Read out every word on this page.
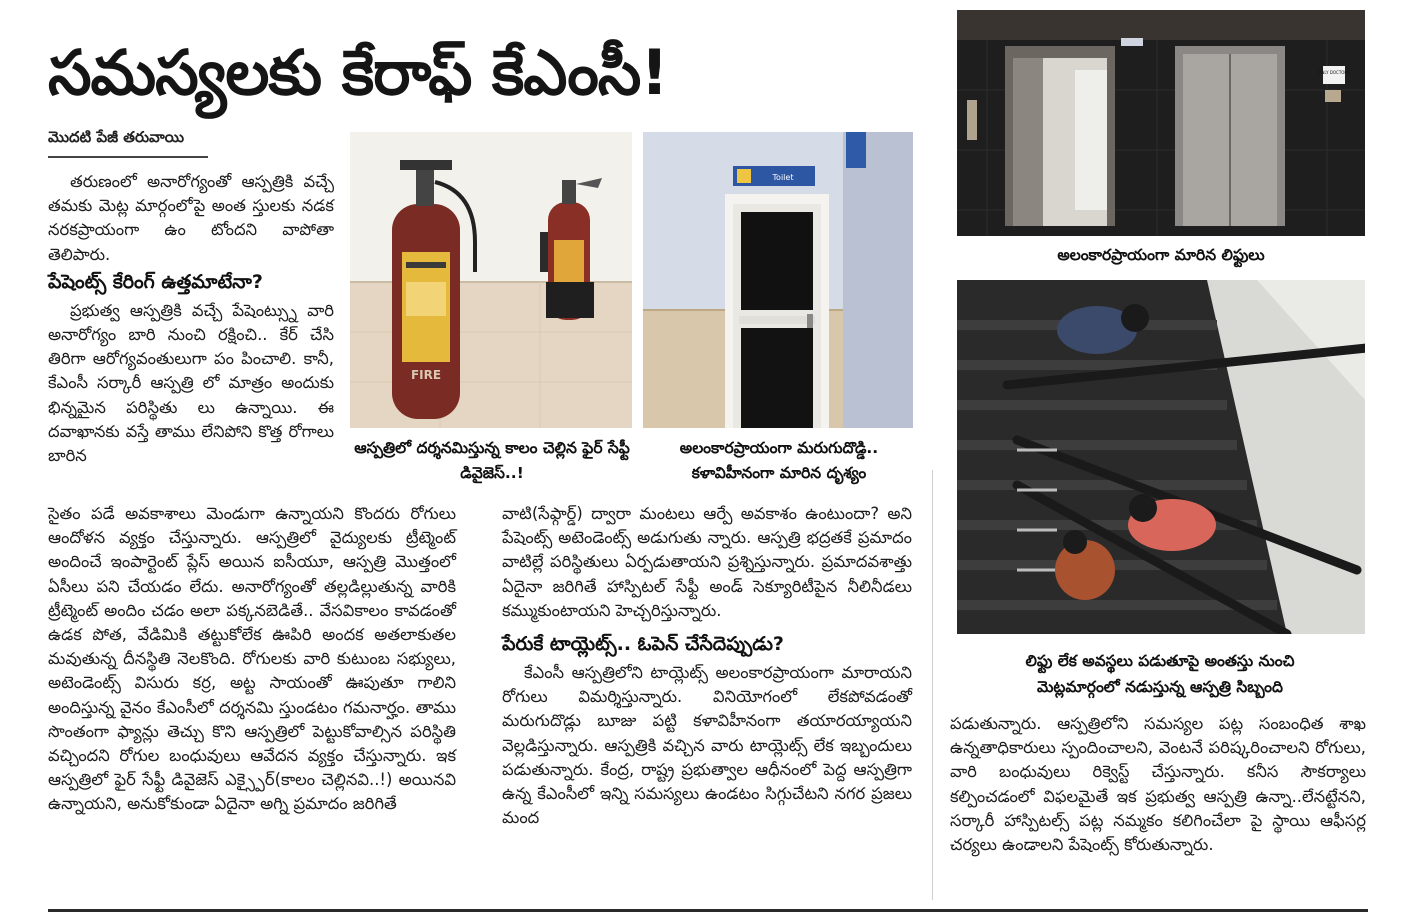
సమస్యలకు కేరాఫ్ కేఎంసీ!
మొదటి పేజీ తరువాయి

తరుణంలో అనారోగ్యంతో ఆస్పత్రికి వచ్చే తమకు మెట్ల మార్గంలోపై అంత స్తులకు నడక నరకప్రాయంగా ఉం టోందని వాపోతా తెలిపారు.

పేషెంట్స్ కేరింగ్ ఉత్తమాటేనా?

ప్రభుత్వ ఆస్పత్రికి వచ్చే పేషెంట్స్ను వారి అనారోగ్యం బారి నుంచి రక్షించి.. కేర్ చేసి తిరిగా ఆరోగ్యవంతులుగా పం పించాలి. కానీ, కేఎంసీ సర్కారీ ఆస్పత్రి లో మాత్రం అందుకు భిన్నమైన పరిస్థితు లు ఉన్నాయి. ఈ దవాఖానకు వస్తే తాము లేనిపోని కొత్త రోగాలు బారిన

సైతం పడే అవకాశాలు మెండుగా ఉన్నాయని కొందరు రోగులు ఆందోళన వ్యక్తం చేస్తున్నారు. ఆస్పత్రిలో వైద్యులకు ట్రీట్మెంట్ అందించే ఇంపార్టెంట్ ప్లేస్ అయిన ఐసీయూ, ఆస్పత్రి మొత్తంలో ఏసీలు పని చేయడం లేదు. అనారోగ్యంతో తల్లడిల్లుతున్న వారికి ట్రీట్మెంట్ అందిం చడం అలా పక్కనబెడితే.. వేసవికాలం కావడంతో ఉడక పోత, వేడిమికి తట్టుకోలేక ఊపిరి అందక అతలాకుతల మవుతున్న దీనస్థితి నెలకొంది. రోగులకు వారి కుటుంబ సభ్యులు, అటెండెంట్స్ విసురు కర్ర, అట్ట సాయంతో ఊపుతూ గాలిని అందిస్తున్న వైనం కేఎంసీలో దర్శనమి స్తుండటం గమనార్హం. తాము సొంతంగా ఫ్యాన్లు తెచ్చు కొని ఆస్పత్రిలో పెట్టుకోవాల్సిన పరిస్థితి వచ్చిందని రోగుల బంధువులు ఆవేదన వ్యక్తం చేస్తున్నారు. ఇక ఆస్పత్రిలో ఫైర్ సేఫ్టీ డివైజెస్ ఎక్స్పైర్(కాలం చెల్లినవి..!) అయినవి ఉన్నాయని, అనుకోకుండా ఏదైనా అగ్ని ప్రమాదం జరిగితే

FIRE
Toilet
ఆస్పత్రిలో దర్శనమిస్తున్న కాలం చెల్లిన ఫైర్ సేఫ్టీ డివైజెస్..!
అలంకారప్రాయంగా మరుగుదొడ్డి.. కళావిహీనంగా మారిన దృశ్యం

వాటి(సేఫ్గార్డ్) ద్వారా మంటలు ఆర్పే అవకాశం ఉంటుందా? అని పేషెంట్స్ అటెండెంట్స్ అడుగుతు న్నారు. ఆస్పత్రి భద్రతకే ప్రమాదం వాటిల్లే పరిస్థితులు ఏర్పడుతాయని ప్రశ్నిస్తున్నారు. ప్రమాదవశాత్తు ఏదైనా జరిగితే హాస్పిటల్ సేఫ్టీ అండ్ సెక్యూరిటీపైన నీలినీడలు కమ్ముకుంటాయని హెచ్చరిస్తున్నారు.

పేరుకే టాయ్లెట్స్.. ఓపెన్ చేసేదెప్పుడు?

కేఎంసీ ఆస్పత్రిలోని టాయ్లెట్స్ అలంకారప్రాయంగా మారాయని రోగులు విమర్శిస్తున్నారు. వినియోగంలో లేకపోవడంతో మరుగుదొడ్లు బూజు పట్టి కళావిహీనంగా తయారయ్యాయని వెల్లడిస్తున్నారు. ఆస్పత్రికి వచ్చిన వారు టాయ్లెట్స్ లేక ఇబ్బందులు పడుతున్నారు. కేంద్ర, రాష్ట్ర ప్రభుత్వాల ఆధీనంలో పెద్ద ఆస్పత్రిగా ఉన్న కేఎంసీలో ఇన్ని సమస్యలు ఉండటం సిగ్గుచేటని నగర ప్రజలు మంద

ONLY DOCTORS
అలంకారప్రాయంగా మారిన లిఫ్టులు
లిఫ్టు లేక అవస్థలు పడుతూపై అంతస్తు నుంచి మెట్లమార్గంలో నడుస్తున్న ఆస్పత్రి సిబ్బంది

పడుతున్నారు. ఆస్పత్రిలోని సమస్యల పట్ల సంబంధిత శాఖ ఉన్నతాధికారులు స్పందించాలని, వెంటనే పరిష్కరించాలని రోగులు, వారి బంధువులు రిక్వెస్ట్ చేస్తున్నారు. కనీస సౌకర్యాలు కల్పించడంలో విఫలమైతే ఇక ప్రభుత్వ ఆస్పత్రి ఉన్నా..లేనట్టేనని, సర్కారీ హాస్పిటల్స్ పట్ల నమ్మకం కలిగించేలా పై స్థాయి ఆఫీసర్ల చర్యలు ఉండాలని పేషెంట్స్ కోరుతున్నారు.
